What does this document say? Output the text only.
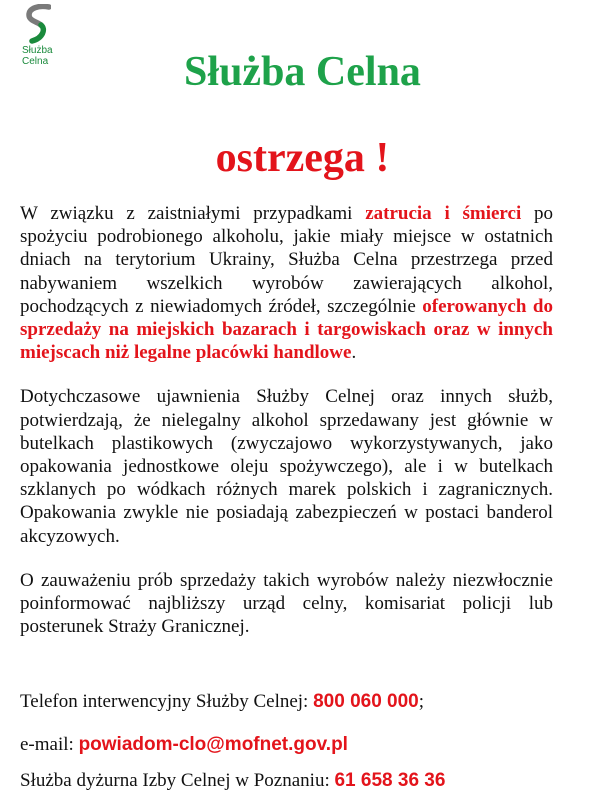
Służba
Celna	Służba Celna
ostrzega !

W związku z zaistniałymi przypadkami zatrucia i śmierci po spożyciu podrobionego alkoholu, jakie miały miejsce w ostatnich dniach na terytorium Ukrainy, Służba Celna przestrzega przed nabywaniem wszelkich wyrobów zawierających alkohol, pochodzących z niewiadomych źródeł, szczególnie oferowanych do sprzedaży na miejskich bazarach i targowiskach oraz w innych miejscach niż legalne placówki handlowe.

Dotychczasowe ujawnienia Służby Celnej oraz innych służb, potwierdzają, że nielegalny alkohol sprzedawany jest głównie w butelkach plastikowych (zwyczajowo wykorzystywanych, jako opakowania jednostkowe oleju spożywczego), ale i w butelkach szklanych po wódkach różnych marek polskich i zagranicznych. Opakowania zwykle nie posiadają zabezpieczeń w postaci banderol akcyzowych.

O zauważeniu prób sprzedaży takich wyrobów należy niezwłocznie poinformować najbliższy urząd celny, komisariat policji lub posterunek Straży Granicznej.

Telefon interwencyjny Służby Celnej: 800 060 000;
e-mail: powiadom-clo@mofnet.gov.pl
Służba dyżurna Izby Celnej w Poznaniu: 61 658 36 36
